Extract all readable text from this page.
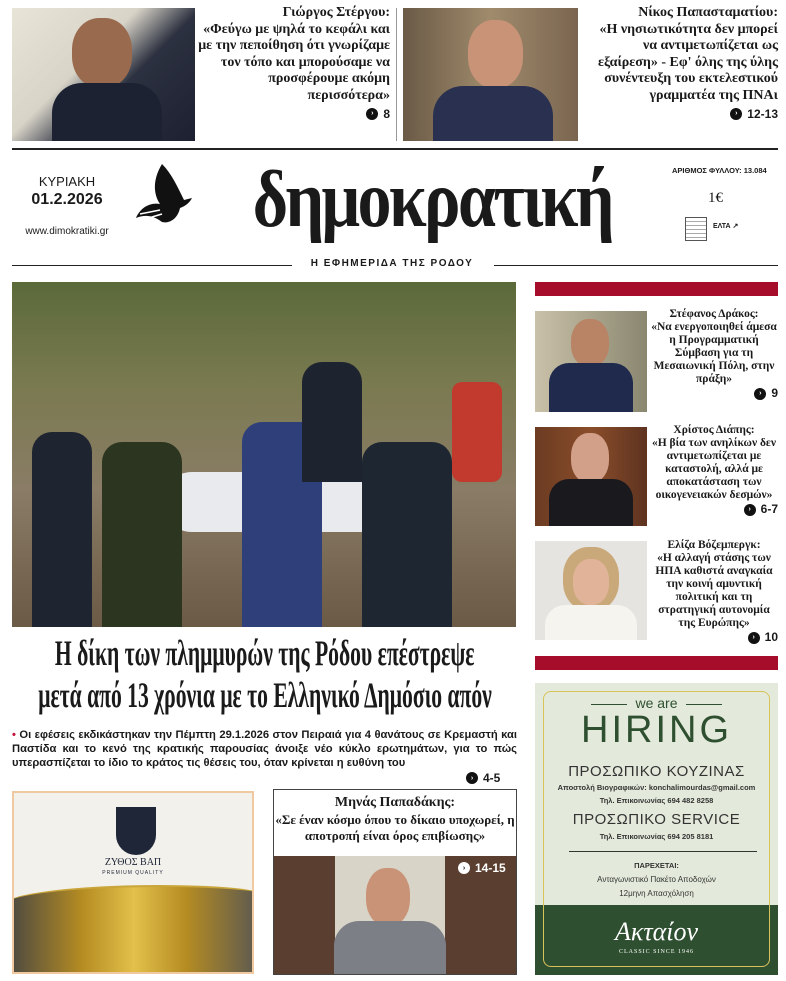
Γιώργος Στέργου:
«Φεύγω με ψηλά το κεφάλι και με την πεποίθηση ότι γνωρίζαμε τον τόπο και μπορούσαμε να προσφέρουμε ακόμη περισσότερα»
› 8
Νίκος Παπασταματίου:
«Η νησιωτικότητα δεν μπορεί να αντιμετωπίζεται ως εξαίρεση» - Εφ' όλης της ύλης συνέντευξη του εκτελεστικού γραμματέα της ΠΝΑι
› 12-13
ΚΥΡΙΑΚΗ
01.2.2026
www.dimokratiki.gr δημοκρατική	ΑΡΙΘΜΟΣ ΦΥΛΛΟΥ: 13.084
1€
ΕΛΤΑ ↗
Η ΕΦΗΜΕΡΙΔΑ ΤΗΣ ΡΟΔΟΥ
Η δίκη των πλημμυρών της Ρόδου επέστρεψε
μετά από 13 χρόνια με το Ελληνικό Δημόσιο απόν
• Οι εφέσεις εκδικάστηκαν την Πέμπτη 29.1.2026 στον Πειραιά για 4 θανάτους σε Κρεμαστή και Παστίδα και το κενό της κρατικής παρουσίας άνοιξε νέο κύκλο ερωτημάτων, για το πώς υπερασπίζεται το ίδιο το κράτος τις θέσεις του, όταν κρίνεται η ευθύνη του
› 4-5
ΖΥΘΟΣ ΒΑΠ
PREMIUM QUALITY
Μηνάς Παπαδάκης:
«Σε έναν κόσμο όπου το δίκαιο υποχωρεί, η αποτροπή είναι όρος επιβίωσης»
› 14-15
Στέφανος Δράκος:
«Να ενεργοποιηθεί άμεσα η Προγραμματική Σύμβαση για τη Μεσαιωνική Πόλη, στην πράξη»
› 9
Χρίστος Διάπης:
«Η βία των ανηλίκων δεν αντιμετωπίζεται με καταστολή, αλλά με αποκατάσταση των οικογενειακών δεσμών»
› 6-7
Ελίζα Βόζεμπεργκ:
«Η αλλαγή στάσης των ΗΠΑ καθιστά αναγκαία την κοινή αμυντική πολιτική και τη στρατηγική αυτονομία της Ευρώπης»
› 10
we are
HIRING
ΠΡΟΣΩΠΙΚΟ ΚΟΥΖΙΝΑΣ
Αποστολή Βιογραφικών: konchalimourdas@gmail.com
Τηλ. Επικοινωνίας 694 482 8258
ΠΡΟΣΩΠΙΚΟ SERVICE
Τηλ. Επικοινωνίας 694 205 8181
ΠΑΡΕΧΕΤΑΙ:
Ανταγωνιστικό Πακέτο Αποδοχών
12μηνη Απασχόληση
Ακταίον
CLASSIC SINCE 1946
